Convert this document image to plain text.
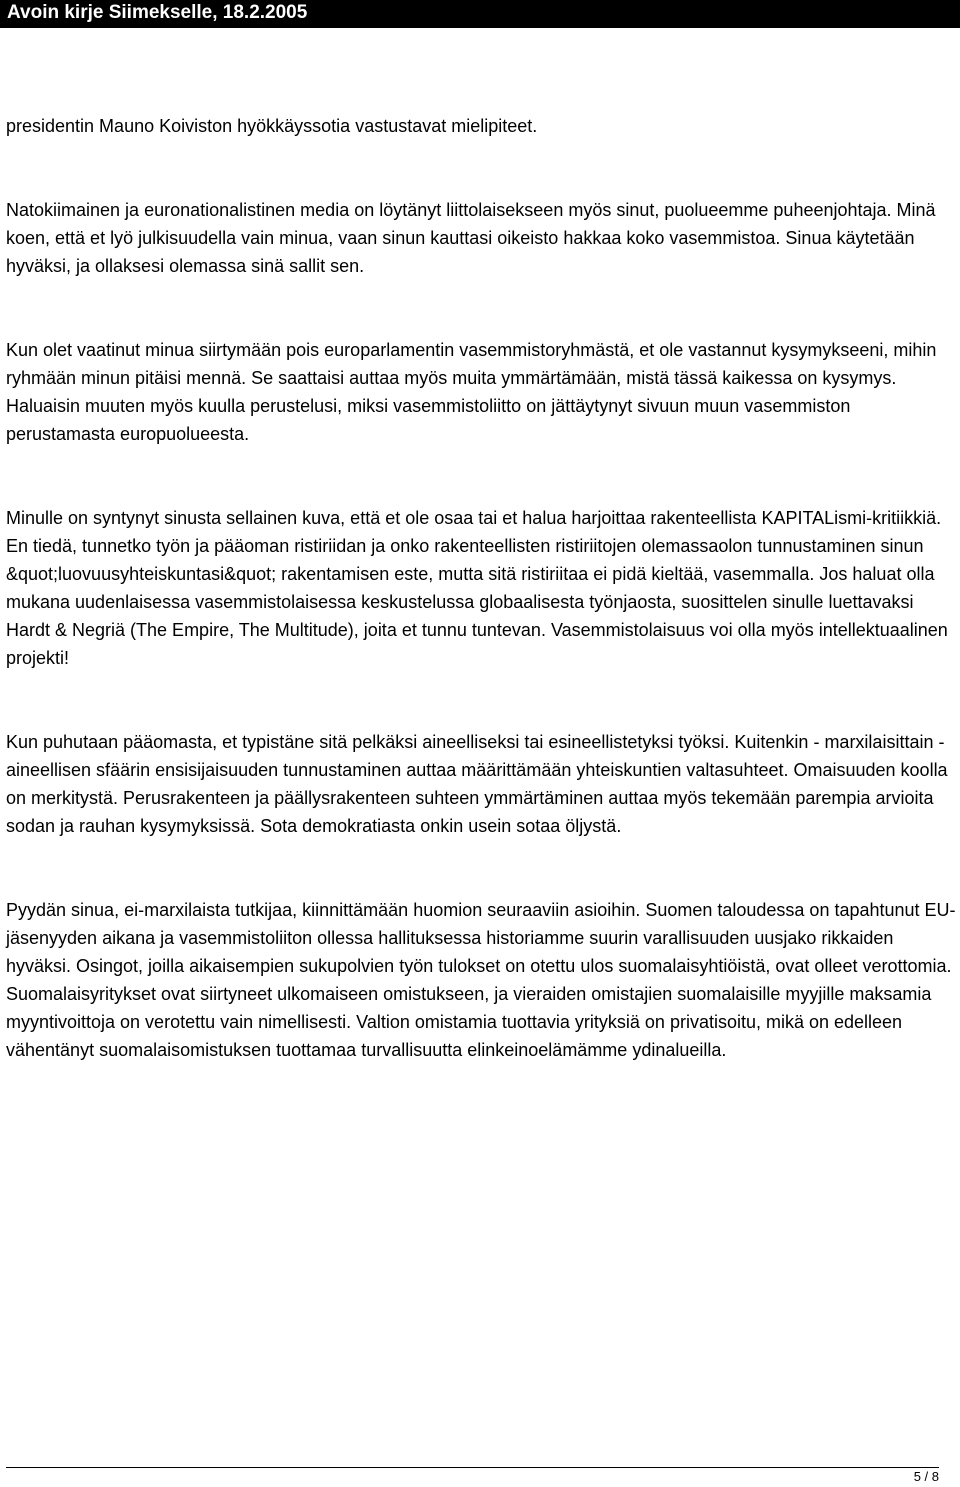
Avoin kirje Siimekselle, 18.2.2005

presidentin Mauno Koiviston hyökkäyssotia vastustavat mielipiteet.

Natokiimainen ja euronationalistinen media on löytänyt liittolaisekseen myös sinut, puolueemme puheenjohtaja. Minä koen, että et lyö julkisuudella vain minua, vaan sinun kauttasi oikeisto hakkaa koko vasemmistoa. Sinua käytetään hyväksi, ja ollaksesi olemassa sinä sallit sen.

Kun olet vaatinut minua siirtymään pois europarlamentin vasemmistoryhmästä, et ole vastannut kysymykseeni, mihin ryhmään minun pitäisi mennä. Se saattaisi auttaa myös muita ymmärtämään, mistä tässä kaikessa on kysymys. Haluaisin muuten myös kuulla perustelusi, miksi vasemmistoliitto on jättäytynyt sivuun muun vasemmiston perustamasta europuolueesta.

Minulle on syntynyt sinusta sellainen kuva, että et ole osaa tai et halua harjoittaa rakenteellista KAPITALismi-kritiikkiä. En tiedä, tunnetko työn ja pääoman ristiriidan ja onko rakenteellisten ristiriitojen olemassaolon tunnustaminen sinun &quot;luovuusyhteiskuntasi&quot; rakentamisen este, mutta sitä ristiriitaa ei pidä kieltää, vasemmalla. Jos haluat olla mukana uudenlaisessa vasemmistolaisessa keskustelussa globaalisesta työnjaosta, suosittelen sinulle luettavaksi Hardt & Negriä (The Empire, The Multitude), joita et tunnu tuntevan. Vasemmistolaisuus voi olla myös intellektuaalinen projekti!

Kun puhutaan pääomasta, et typistäne sitä pelkäksi aineelliseksi tai esineellistetyksi työksi. Kuitenkin - marxilaisittain - aineellisen sfäärin ensisijaisuuden tunnustaminen auttaa määrittämään yhteiskuntien valtasuhteet. Omaisuuden koolla on merkitystä. Perusrakenteen ja päällysrakenteen suhteen ymmärtäminen auttaa myös tekemään parempia arvioita sodan ja rauhan kysymyksissä. Sota demokratiasta onkin usein sotaa öljystä.

Pyydän sinua, ei-marxilaista tutkijaa, kiinnittämään huomion seuraaviin asioihin. Suomen taloudessa on tapahtunut EU-jäsenyyden aikana ja vasemmistoliiton ollessa hallituksessa historiamme suurin varallisuuden uusjako rikkaiden hyväksi. Osingot, joilla aikaisempien sukupolvien työn tulokset on otettu ulos suomalaisyhtiöistä, ovat olleet verottomia. Suomalaisyritykset ovat siirtyneet ulkomaiseen omistukseen, ja vieraiden omistajien suomalaisille myyjille maksamia myyntivoittoja on verotettu vain nimellisesti. Valtion omistamia tuottavia yrityksiä on privatisoitu, mikä on edelleen vähentänyt suomalaisomistuksen tuottamaa turvallisuutta elinkeinoelämämme ydinalueilla.

5 / 8
